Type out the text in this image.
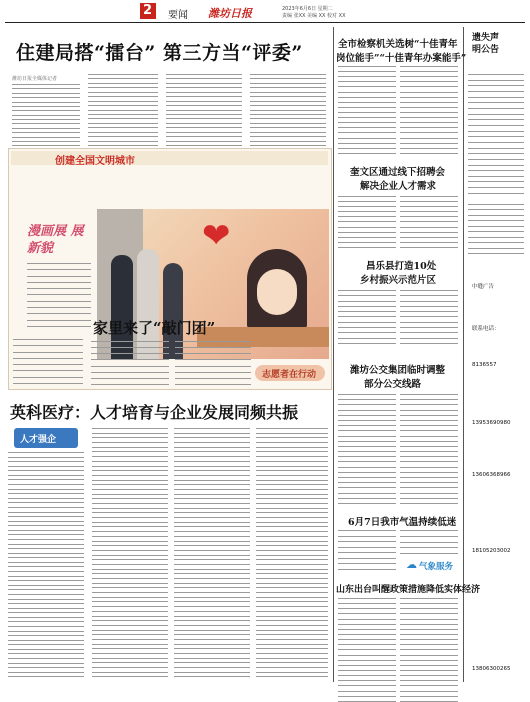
2 要闻 潍坊日报	2023年6月6日 星期二
责编 张XX 美编 XX 校对 XX
住建局搭“擂台” 第三方当“评委”
潍坊日报全媒体记者
创建全国文明城市
漫画展 展新貌	❤
家里来了“敲门团”
志愿者在行动
英科医疗：人才培育与企业发展同频共振
人才强企
全市检察机关选树“十佳青年
岗位能手”“十佳青年办案能手”
奎文区通过线下招聘会
解决企业人才需求
昌乐县打造10处
乡村振兴示范片区
潍坊公交集团临时调整
部分公交线路
6月7日我市气温持续低迷
☁ 气象服务
山东出台叫醒政策措施降低实体经济
遗失声明公告
中缝广告
联系电话：
8136557
13953690980
13606368966
18105203002
13806300265
